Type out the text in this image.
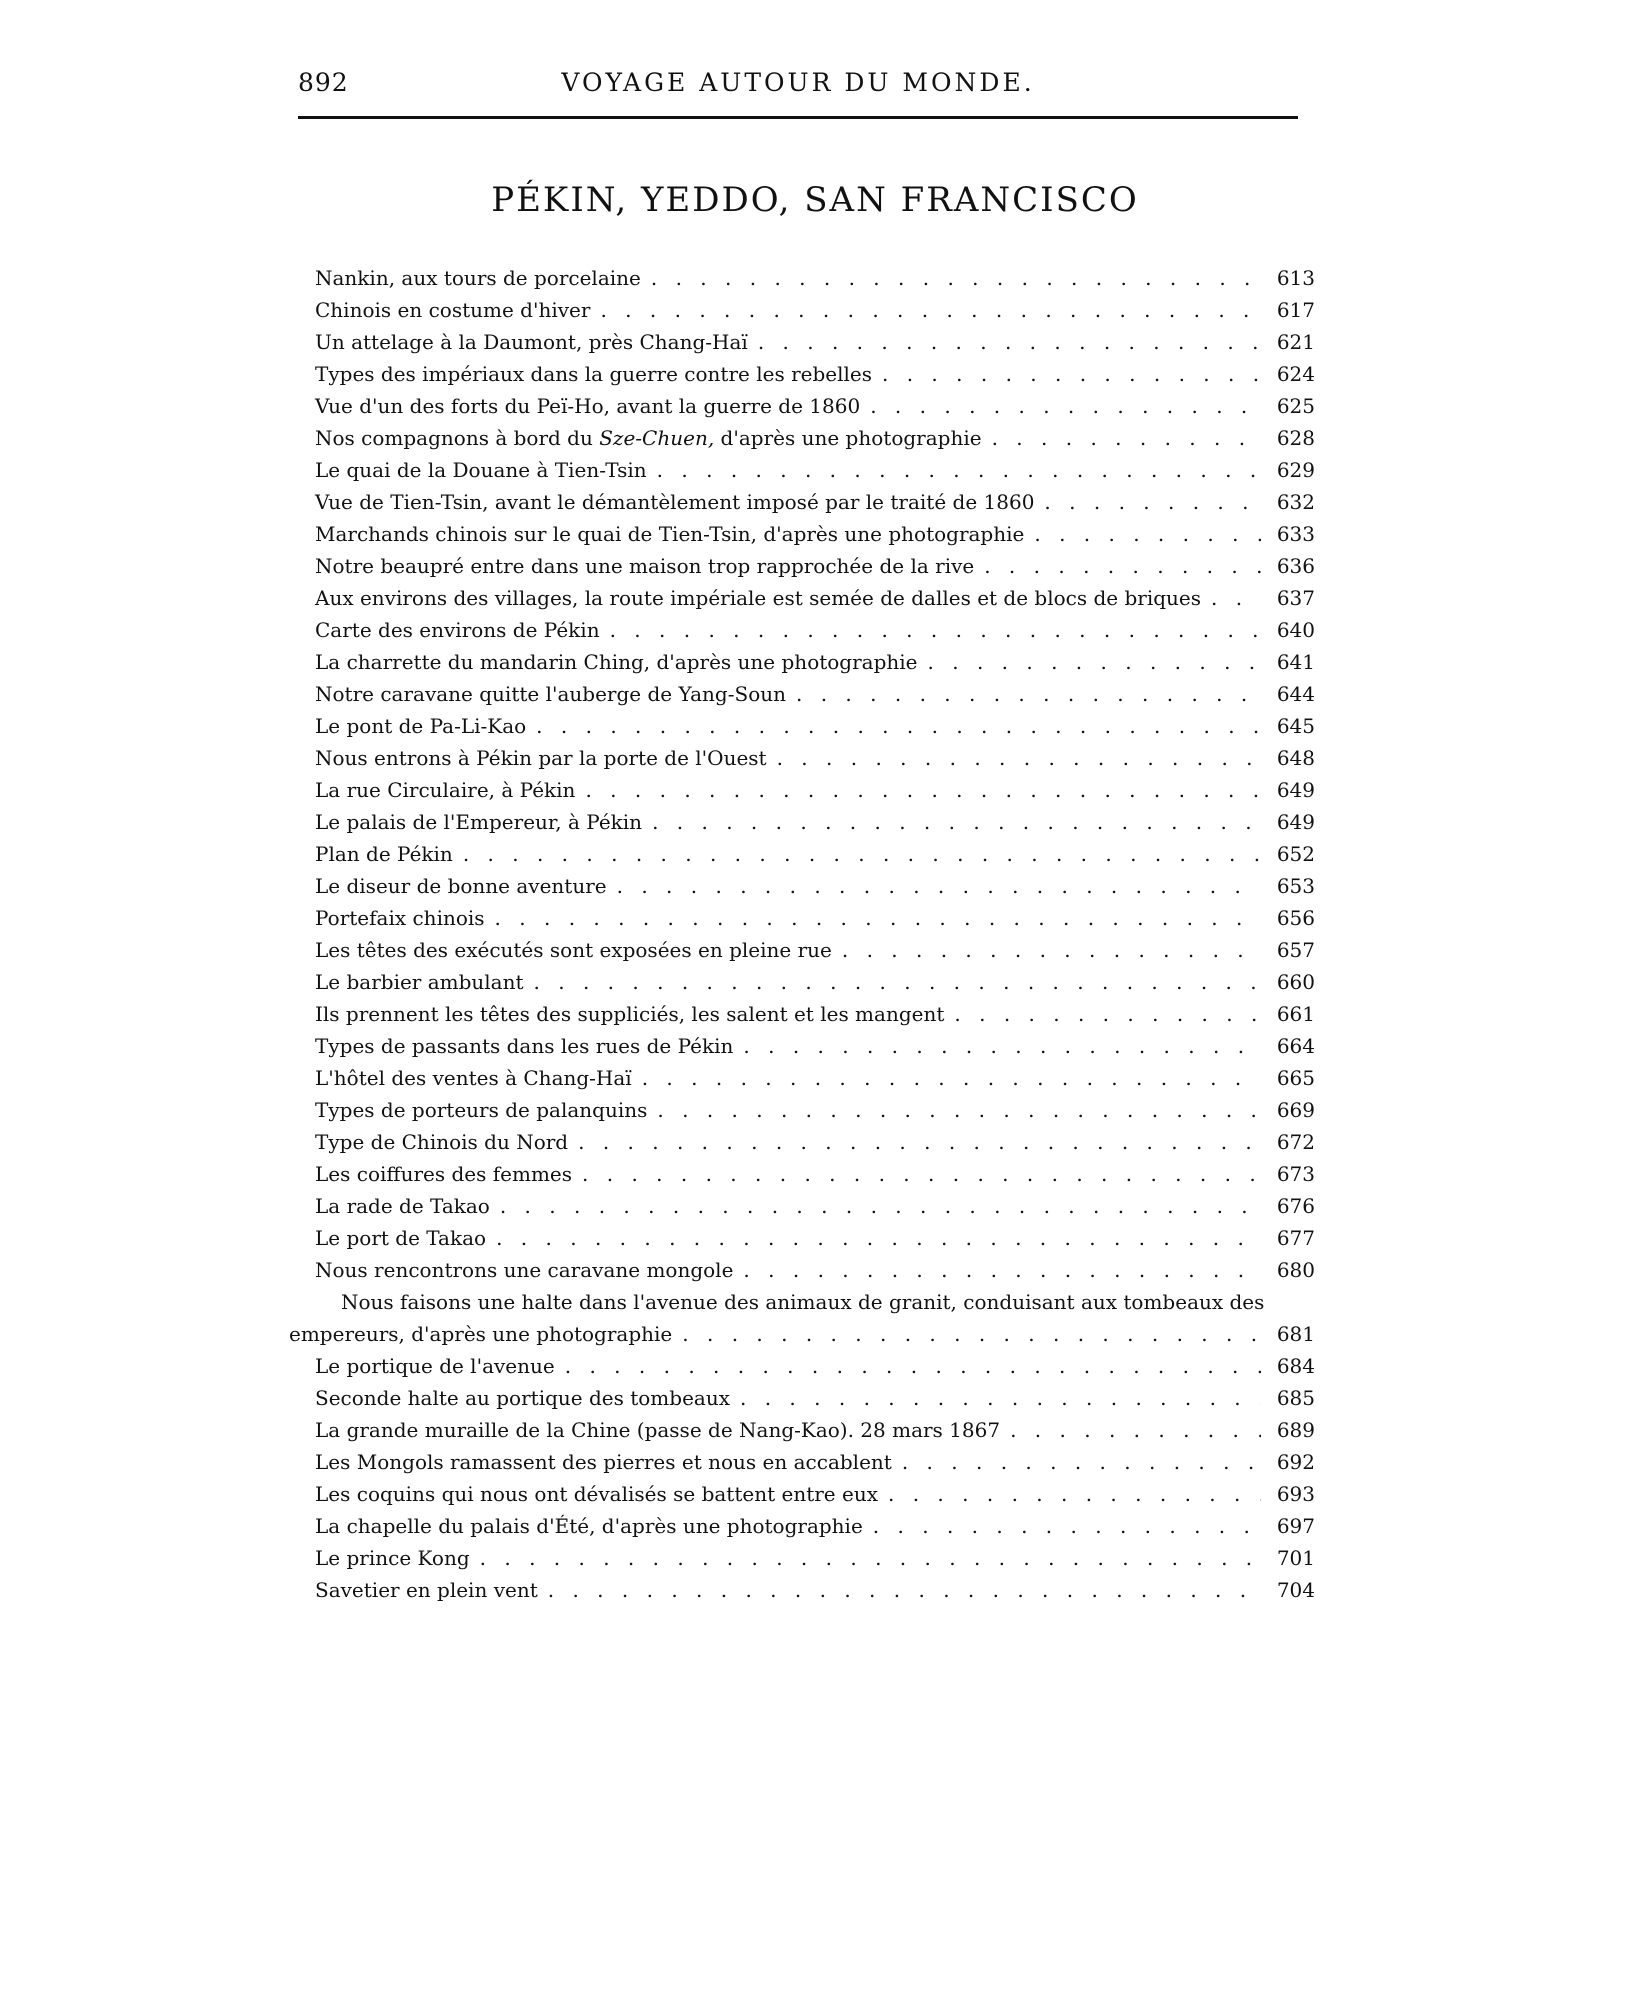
892	VOYAGE AUTOUR DU MONDE.
PÉKIN, YEDDO, SAN FRANCISCO
Nankin, aux tours de porcelaine . . .	613
Chinois en costume d'hiver . . .	617
Un attelage à la Daumont, près Chang-Haï . . .	621
Types des impériaux dans la guerre contre les rebelles . . .	624
Vue d'un des forts du Peï-Ho, avant la guerre de 1860 . . .	625
Nos compagnons à bord du Sze-Chuen, d'après une photographie . . .	628
Le quai de la Douane à Tien-Tsin . . .	629
Vue de Tien-Tsin, avant le démantèlement imposé par le traité de 1860 . . .	632
Marchands chinois sur le quai de Tien-Tsin, d'après une photographie . . .	633
Notre beaupré entre dans une maison trop rapprochée de la rive . . .	636
Aux environs des villages, la route impériale est semée de dalles et de blocs de briques . . .	637
Carte des environs de Pékin . . .	640
La charrette du mandarin Ching, d'après une photographie . . .	641
Notre caravane quitte l'auberge de Yang-Soun . . .	644
Le pont de Pa-Li-Kao . . .	645
Nous entrons à Pékin par la porte de l'Ouest . . .	648
La rue Circulaire, à Pékin . . .	649
Le palais de l'Empereur, à Pékin . . .	649
Plan de Pékin . . .	652
Le diseur de bonne aventure . . .	653
Portefaix chinois . . .	656
Les têtes des exécutés sont exposées en pleine rue . . .	657
Le barbier ambulant . . .	660
Ils prennent les têtes des suppliciés, les salent et les mangent . . .	661
Types de passants dans les rues de Pékin . . .	664
L'hôtel des ventes à Chang-Haï . . .	665
Types de porteurs de palanquins . . .	669
Type de Chinois du Nord . . .	672
Les coiffures des femmes . . .	673
La rade de Takao . . .	676
Le port de Takao . . .	677
Nous rencontrons une caravane mongole . . .	680
Nous faisons une halte dans l'avenue des animaux de granit, conduisant aux tombeaux des
empereurs, d'après une photographie . . .	681
Le portique de l'avenue . . .	684
Seconde halte au portique des tombeaux . . .	685
La grande muraille de la Chine (passe de Nang-Kao). 28 mars 1867 . . .	689
Les Mongols ramassent des pierres et nous en accablent . . .	692
Les coquins qui nous ont dévalisés se battent entre eux . . .	693
La chapelle du palais d'Été, d'après une photographie . . .	697
Le prince Kong . . .	701
Savetier en plein vent . . .	704
